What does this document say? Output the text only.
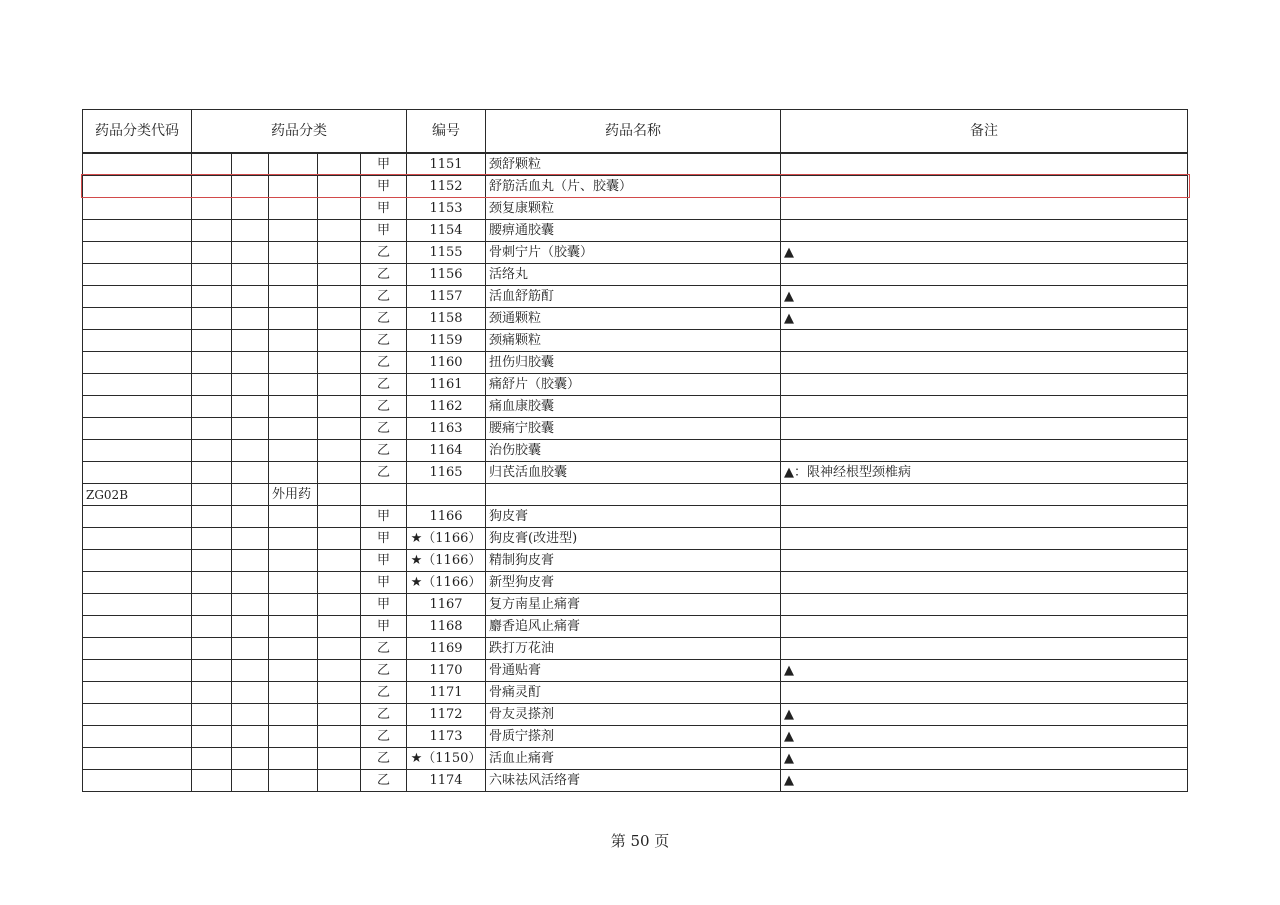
药品分类代码	药品分类					编号	药品名称	备注
					甲	1151	颈舒颗粒	
					甲	1152	舒筋活血丸（片、胶囊）	
					甲	1153	颈复康颗粒	
					甲	1154	腰痹通胶囊	
					乙	1155	骨刺宁片（胶囊）	▲
					乙	1156	活络丸	
					乙	1157	活血舒筋酊	▲
					乙	1158	颈通颗粒	▲
					乙	1159	颈痛颗粒	
					乙	1160	扭伤归胶囊	
					乙	1161	痛舒片（胶囊）	
					乙	1162	痛血康胶囊	
					乙	1163	腰痛宁胶囊	
					乙	1164	治伤胶囊	
					乙	1165	归芪活血胶囊	▲：限神经根型颈椎病
ZG02B			外用药					
					甲	1166	狗皮膏	
					甲	★（1166）	狗皮膏(改进型)	
					甲	★（1166）	精制狗皮膏	
					甲	★（1166）	新型狗皮膏	
					甲	1167	复方南星止痛膏	
					甲	1168	麝香追风止痛膏	
					乙	1169	跌打万花油	
					乙	1170	骨通贴膏	▲
					乙	1171	骨痛灵酊	
					乙	1172	骨友灵搽剂	▲
					乙	1173	骨质宁搽剂	▲
					乙	★（1150）	活血止痛膏	▲
					乙	1174	六味祛风活络膏	▲
第 50 页
